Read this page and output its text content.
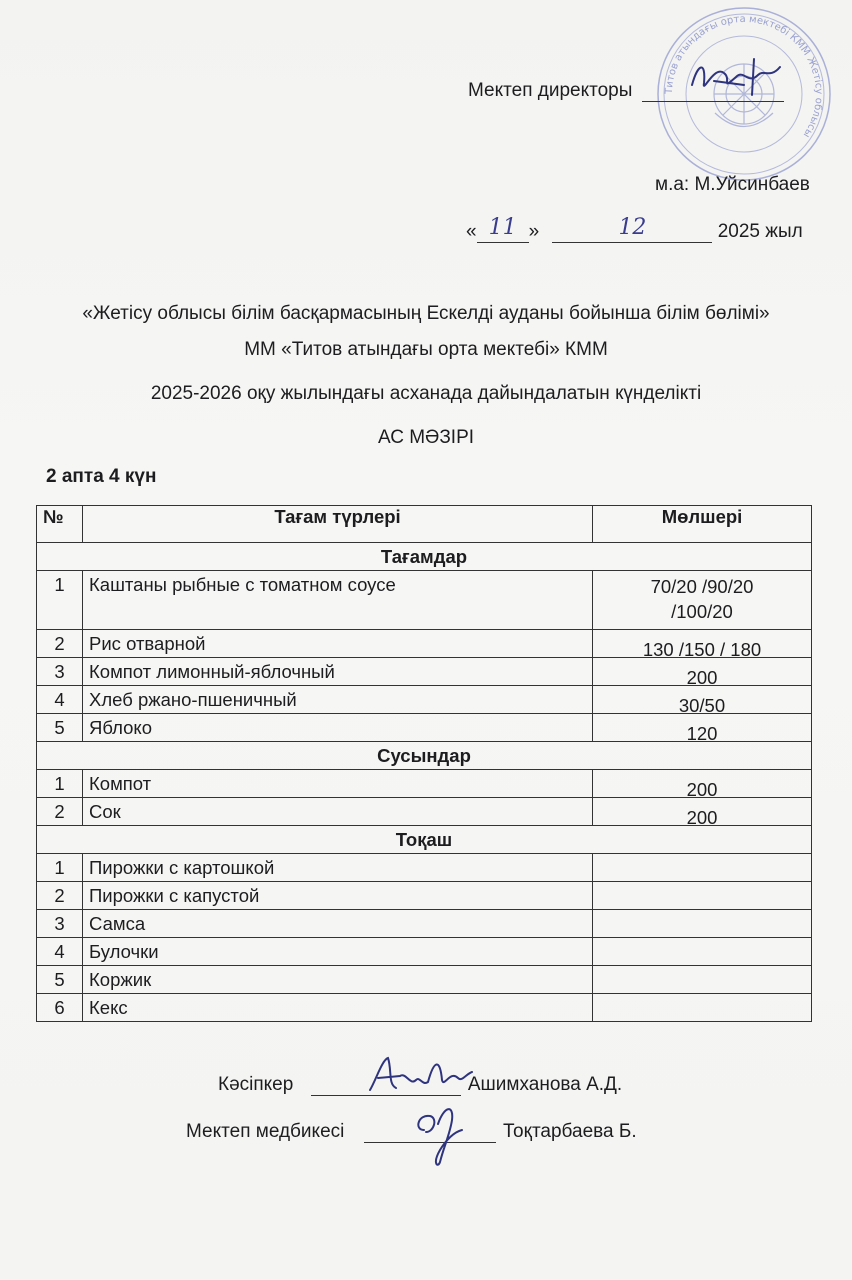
Титов атындағы орта мектебі КММ Жетісу облысы
Мектеп директоры
м.а: М.Уйсинбаев
« 11 »	12	2025 жыл
«Жетісу облысы білім басқармасының Ескелді ауданы бойынша білім бөлімі»
ММ «Титов атындағы орта мектебі» КММ
2025-2026 оқу жылындағы асханада дайындалатын күнделікті
АС МӘЗІРІ
2 апта 4 күн
№	Тағам түрлері	Мөлшері
Тағамдар		
1	Каштаны рыбные с томатном соусе	70/20 /90/20
/100/20

2	Рис отварной	130 /150 / 180
3	Компот лимонный-яблочный	200
4	Хлеб ржано-пшеничный	30/50
5	Яблоко	120
Сусындар		
1	Компот	200
2	Сок	200
Тоқаш		
1	Пирожки с картошкой	
2	Пирожки с капустой	
3	Самса	
4	Булочки	
5	Коржик	
6	Кекс	
Кәсіпкер	Ашимханова А.Д.
Мектеп медбикесі	Тоқтарбаева Б.
